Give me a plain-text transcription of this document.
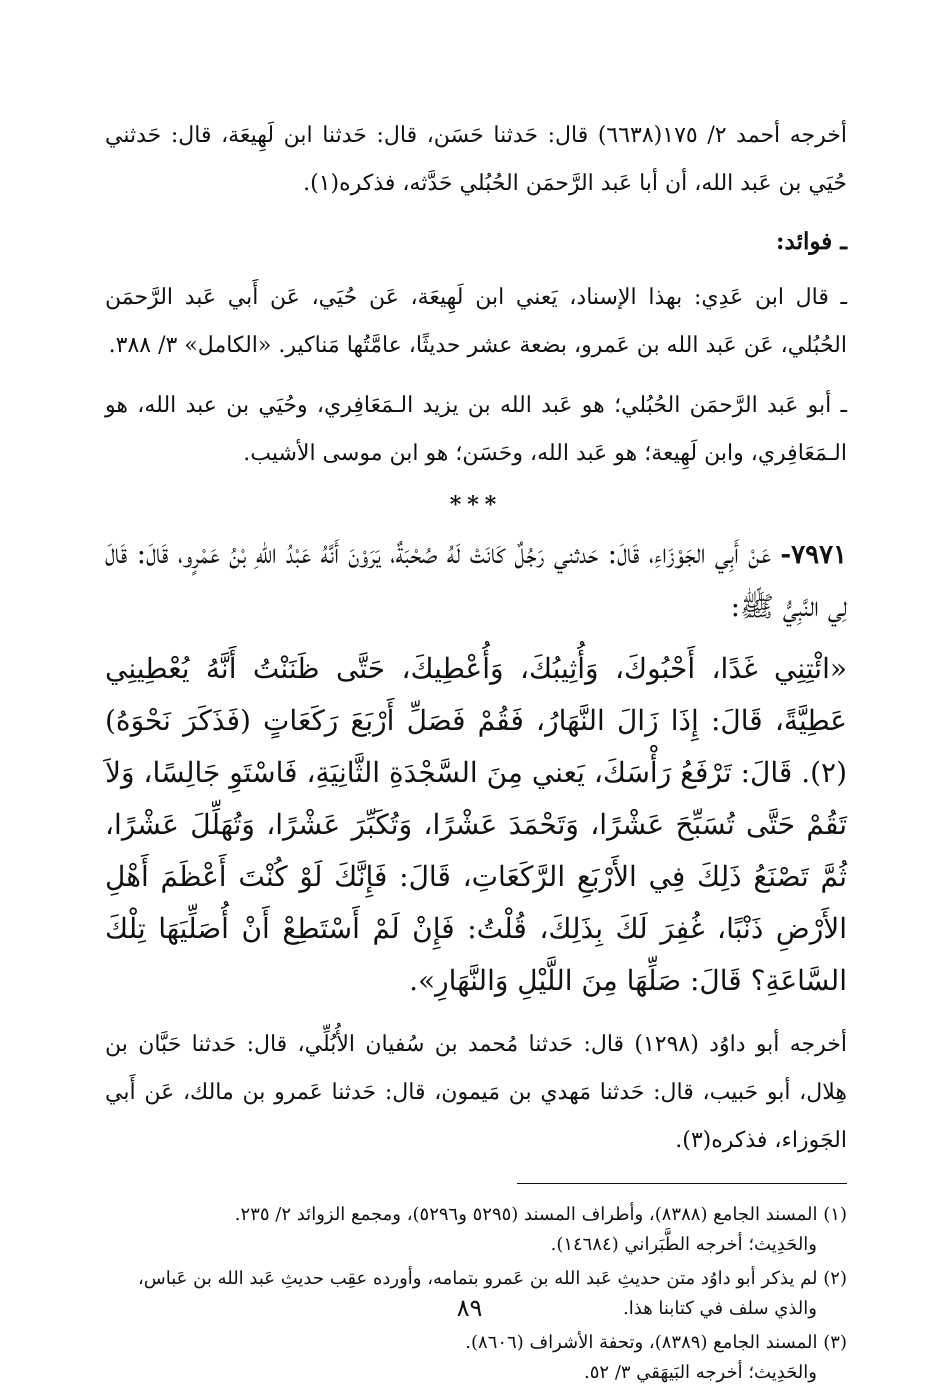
أخرجه أحمد ٢/ ١٧٥(٦٦٣٨) قال: حَدثنا حَسَن، قال: حَدثنا ابن لَهِيعَة، قال: حَدثني حُيَي بن عَبد الله، أن أبا عَبد الرَّحمَن الحُبُلي حَدَّثه، فذكره(١).

ـ فوائد:

ـ قال ابن عَدِي: بهذا الإسناد، يَعني ابن لَهِيعَة، عَن حُيَي، عَن أَبي عَبد الرَّحمَن الحُبُلي، عَن عَبد الله بن عَمرو، بضعة عشر حديثًا، عامَّتُها مَناكير. «الكامل» ٣/ ٣٨٨.

ـ أبو عَبد الرَّحمَن الحُبُلي؛ هو عَبد الله بن يزيد الـمَعَافِري، وحُيَي بن عبد الله، هو الـمَعَافِري، وابن لَهِيعة؛ هو عَبد الله، وحَسَن؛ هو ابن موسى الأشيب.

***

٧٩٧١- عَنْ أَبِي الجَوْزَاءِ، قَالَ: حَدثني رَجُلٌ كَانَتْ لَهُ صُحْبَةٌ، يَرَوْنَ أَنَّهُ عَبْدُ اللهِ بْنُ عَمْرٍو، قَالَ: قَالَ لِي النَّبِيُّ ﷺ:

«ائْتِنِي غَدًا، أَحْبُوكَ، وَأُثِيبُكَ، وَأُعْطِيكَ، حَتَّى ظَنَنْتُ أَنَّهُ يُعْطِينِي عَطِيَّةً، قَالَ: إِذَا زَالَ النَّهَارُ، فَقُمْ فَصَلِّ أَرْبَعَ رَكَعَاتٍ (فَذَكَرَ نَحْوَهُ)(٢). قَالَ: تَرْفَعُ رَأْسَكَ، يَعني مِنَ السَّجْدَةِ الثَّانِيَةِ، فَاسْتَوِ جَالِسًا، وَلاَ تَقُمْ حَتَّى تُسَبِّحَ عَشْرًا، وَتَحْمَدَ عَشْرًا، وَتُكَبِّرَ عَشْرًا، وَتُهَلِّلَ عَشْرًا، ثُمَّ تَصْنَعُ ذَلِكَ فِي الأَرْبَعِ الرَّكَعَاتِ، قَالَ: فَإِنَّكَ لَوْ كُنْتَ أَعْظَمَ أَهْلِ الأَرْضِ ذَنْبًا، غُفِرَ لَكَ بِذَلِكَ، قُلْتُ: فَإِنْ لَمْ أَسْتَطِعْ أَنْ أُصَلِّيَهَا تِلْكَ السَّاعَةِ؟ قَالَ: صَلِّهَا مِنَ اللَّيْلِ وَالنَّهَارِ».

أخرجه أبو داوُد (١٢٩٨) قال: حَدثنا مُحمد بن سُفيان الأُبُلِّي، قال: حَدثنا حَبَّان بن هِلال، أبو حَبيب، قال: حَدثنا مَهدي بن مَيمون، قال: حَدثنا عَمرو بن مالك، عَن أَبي الجَوزاء، فذكره(٣).

(١) المسند الجامع (٨٣٨٨)، وأطراف المسند (٥٢٩٥ و٥٢٩٦)، ومجمع الزوائد ٢/ ٢٣٥.
والحَدِيث؛ أخرجه الطَّبَراني (١٤٦٨٤).

(٢) لم يذكر أبو داوُد متن حديثِ عَبد الله بن عَمرو بتمامه، وأورده عقِب حديثِ عَبد الله بن عَباس،
والذي سلف في كتابنا هذا.

(٣) المسند الجامع (٨٣٨٩)، وتحفة الأشراف (٨٦٠٦).
والحَدِيث؛ أخرجه البَيهَقي ٣/ ٥٢.

٨٩
